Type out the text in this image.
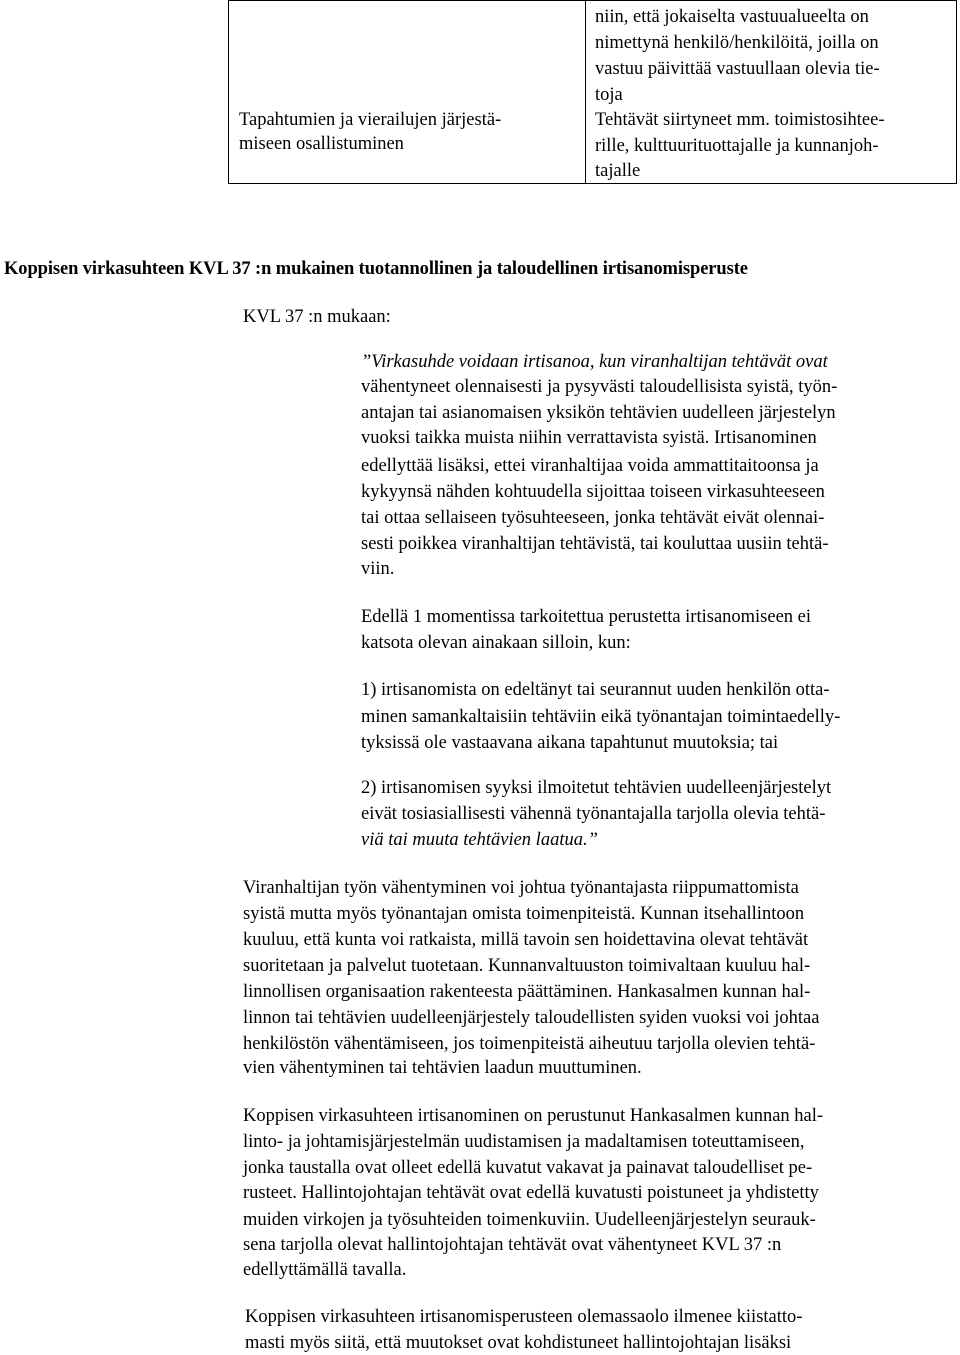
Tapahtumien ja vierailujen järjestä-
miseen osallistuminen

niin, että jokaiselta vastuualueelta on
nimettynä henkilö/henkilöitä, joilla on
vastuu päivittää vastuullaan olevia tie-
toja
Tehtävät siirtyneet mm. toimistosihtee-
rille, kulttuurituottajalle ja kunnanjoh-
tajalle
Koppisen virkasuhteen KVL 37 :n mukainen tuotannollinen ja taloudellinen irtisanomisperuste
KVL 37 :n mukaan:
”Virkasuhde voidaan irtisanoa, kun viranhaltijan tehtävät ovat
vähentyneet olennaisesti ja pysyvästi taloudellisista syistä, työn-
antajan tai asianomaisen yksikön tehtävien uudelleen järjestelyn
vuoksi taikka muista niihin verrattavista syistä. Irtisanominen
edellyttää lisäksi, ettei viranhaltijaa voida ammattitaitoonsa ja
kykyynsä nähden kohtuudella sijoittaa toiseen virkasuhteeseen
tai ottaa sellaiseen työsuhteeseen, jonka tehtävät eivät olennai-
sesti poikkea viranhaltijan tehtävistä, tai kouluttaa uusiin tehtä-
viin.
Edellä 1 momentissa tarkoitettua perustetta irtisanomiseen ei
katsota olevan ainakaan silloin, kun:
1) irtisanomista on edeltänyt tai seurannut uuden henkilön otta-
minen samankaltaisiin tehtäviin eikä työnantajan toimintaedelly-
tyksissä ole vastaavana aikana tapahtunut muutoksia; tai
2) irtisanomisen syyksi ilmoitetut tehtävien uudelleenjärjestelyt
eivät tosiasiallisesti vähennä työnantajalla tarjolla olevia tehtä-
viä tai muuta tehtävien laatua.”
Viranhaltijan työn vähentyminen voi johtua työnantajasta riippumattomista
syistä mutta myös työnantajan omista toimenpiteistä. Kunnan itsehallintoon
kuuluu, että kunta voi ratkaista, millä tavoin sen hoidettavina olevat tehtävät
suoritetaan ja palvelut tuotetaan. Kunnanvaltuuston toimivaltaan kuuluu hal-
linnollisen organisaation rakenteesta päättäminen. Hankasalmen kunnan hal-
linnon tai tehtävien uudelleenjärjestely taloudellisten syiden vuoksi voi johtaa
henkilöstön vähentämiseen, jos toimenpiteistä aiheutuu tarjolla olevien tehtä-
vien vähentyminen tai tehtävien laadun muuttuminen.
Koppisen virkasuhteen irtisanominen on perustunut Hankasalmen kunnan hal-
linto- ja johtamisjärjestelmän uudistamisen ja madaltamisen toteuttamiseen,
jonka taustalla ovat olleet edellä kuvatut vakavat ja painavat taloudelliset pe-
rusteet. Hallintojohtajan tehtävät ovat edellä kuvatusti poistuneet ja yhdistetty
muiden virkojen ja työsuhteiden toimenkuviin. Uudelleenjärjestelyn seurauk-
sena tarjolla olevat hallintojohtajan tehtävät ovat vähentyneet KVL 37 :n
edellyttämällä tavalla.
Koppisen virkasuhteen irtisanomisperusteen olemassaolo ilmenee kiistatto-
masti myös siitä, että muutokset ovat kohdistuneet hallintojohtajan lisäksi
